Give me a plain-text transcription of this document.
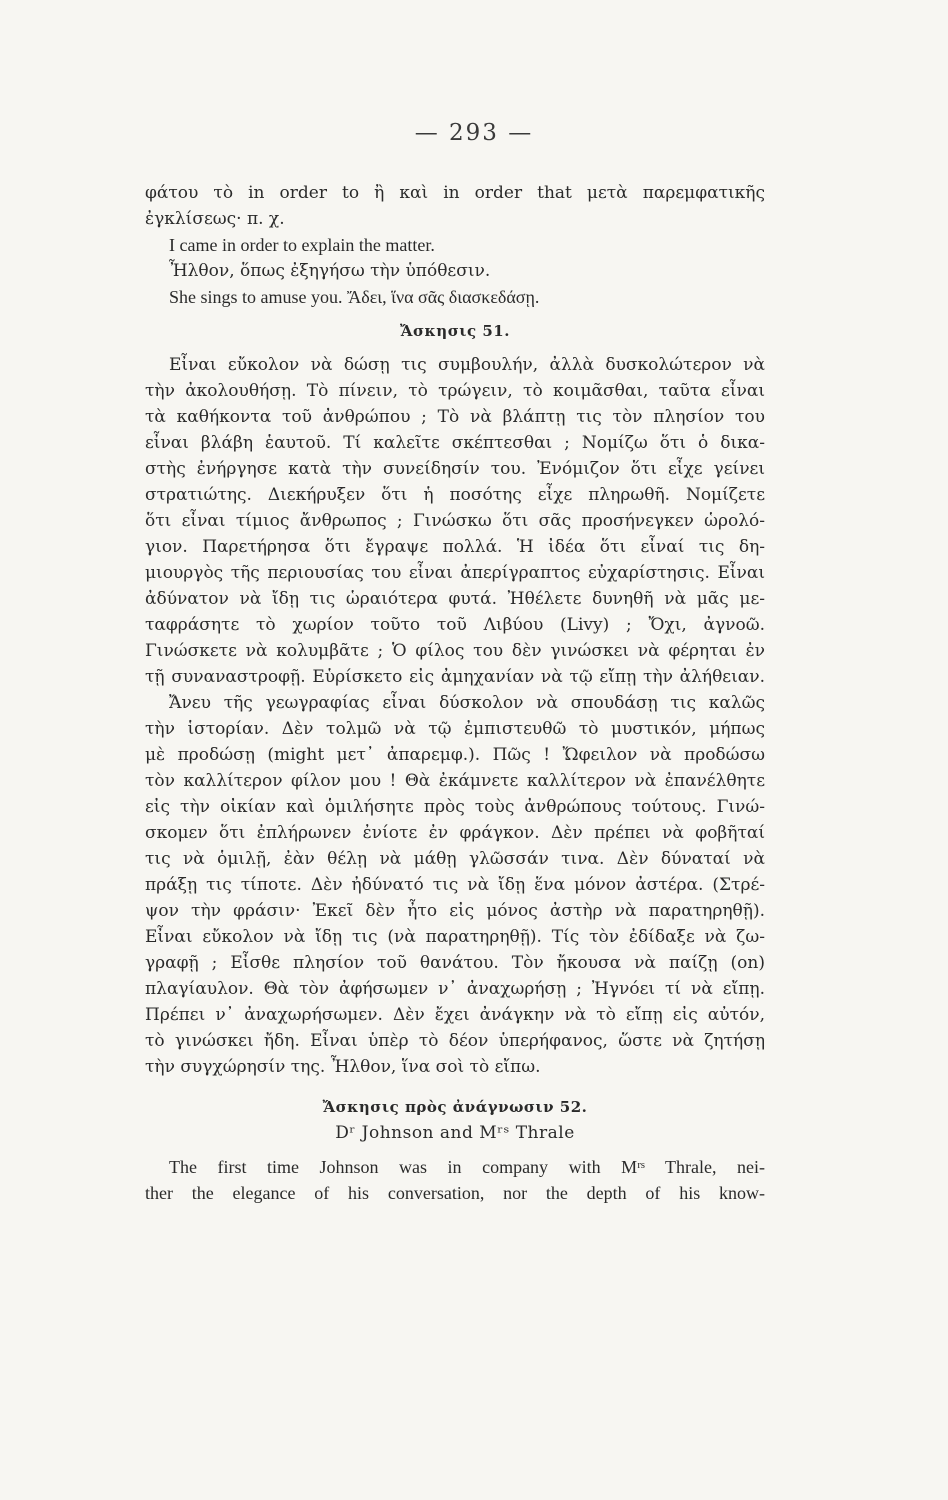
— 293 —
φάτου τὸ in order to ἢ καὶ in order that μετὰ παρεμφατικῆς
ἐγκλίσεως· π. χ.
I came in order to explain the matter.
Ἦλθον, ὅπως ἐξηγήσω τὴν ὑπόθεσιν.
She sings to amuse you. Ἄδει, ἵνα σᾶς διασκεδάσῃ.
Ἄσκησις 51.
Εἶναι εὔκολον νὰ δώσῃ τις συμβουλήν, ἀλλὰ δυσκολώτερον νὰ
τὴν ἀκολουθήσῃ. Τὸ πίνειν, τὸ τρώγειν, τὸ κοιμᾶσθαι, ταῦτα εἶναι
τὰ καθήκοντα τοῦ ἀνθρώπου ; Τὸ νὰ βλάπτῃ τις τὸν πλησίον του
εἶναι βλάβη ἑαυτοῦ. Τί καλεῖτε σκέπτεσθαι ; Νομίζω ὅτι ὁ δικα-
στὴς ἐνήργησε κατὰ τὴν συνείδησίν του. Ἐνόμιζον ὅτι εἶχε γείνει
στρατιώτης. Διεκήρυξεν ὅτι ἡ ποσότης εἶχε πληρωθῆ. Νομίζετε
ὅτι εἶναι τίμιος ἄνθρωπος ; Γινώσκω ὅτι σᾶς προσήνεγκεν ὡρολό-
γιον. Παρετήρησα ὅτι ἔγραψε πολλά. Ἡ ἰδέα ὅτι εἶναί τις δη-
μιουργὸς τῆς περιουσίας του εἶναι ἀπερίγραπτος εὐχαρίστησις. Εἶναι
ἀδύνατον νὰ ἴδῃ τις ὡραιότερα φυτά. Ἠθέλετε δυνηθῆ νὰ μᾶς με-
ταφράσητε τὸ χωρίον τοῦτο τοῦ Λιβύου (Livy) ; Ὄχι, ἀγνοῶ.
Γινώσκετε νὰ κολυμβᾶτε ; Ὁ φίλος του δὲν γινώσκει νὰ φέρηται ἐν
τῇ συναναστροφῇ. Εὑρίσκετο εἰς ἀμηχανίαν νὰ τῷ εἴπῃ τὴν ἀλήθειαν.
Ἄνευ τῆς γεωγραφίας εἶναι δύσκολον νὰ σπουδάσῃ τις καλῶς
τὴν ἱστορίαν. Δὲν τολμῶ νὰ τῷ ἐμπιστευθῶ τὸ μυστικόν, μήπως
μὲ προδώσῃ (might μετ᾽ ἀπαρεμφ.). Πῶς ! Ὤφειλον νὰ προδώσω
τὸν καλλίτερον φίλον μου ! Θὰ ἐκάμνετε καλλίτερον νὰ ἐπανέλθητε
εἰς τὴν οἰκίαν καὶ ὁμιλήσητε πρὸς τοὺς ἀνθρώπους τούτους. Γινώ-
σκομεν ὅτι ἐπλήρωνεν ἐνίοτε ἐν φράγκον. Δὲν πρέπει νὰ φοβῆταί
τις νὰ ὁμιλῇ, ἐὰν θέλῃ νὰ μάθῃ γλῶσσάν τινα. Δὲν δύναταί νὰ
πράξῃ τις τίποτε. Δὲν ἠδύνατό τις νὰ ἴδῃ ἕνα μόνον ἀστέρα. (Στρέ-
ψον τὴν φράσιν· Ἐκεῖ δὲν ἦτο εἰς μόνος ἀστὴρ νὰ παρατηρηθῇ).
Εἶναι εὔκολον νὰ ἴδῃ τις (νὰ παρατηρηθῇ). Τίς τὸν ἐδίδαξε νὰ ζω-
γραφῇ ; Εἶσθε πλησίον τοῦ θανάτου. Τὸν ἤκουσα νὰ παίζῃ (on)
πλαγίαυλον. Θὰ τὸν ἀφήσωμεν ν᾽ ἀναχωρήσῃ ; Ἠγνόει τί νὰ εἴπῃ.
Πρέπει ν᾽ ἀναχωρήσωμεν. Δὲν ἔχει ἀνάγκην νὰ τὸ εἴπῃ εἰς αὐτόν,
τὸ γινώσκει ἤδη. Εἶναι ὑπὲρ τὸ δέον ὑπερήφανος, ὥστε νὰ ζητήσῃ
τὴν συγχώρησίν της. Ἦλθον, ἵνα σοὶ τὸ εἴπω.
Ἄσκησις πρὸς ἀνάγνωσιν 52.
Dʳ Johnson and Mʳˢ Thrale
The first time Johnson was in company with Mʳˢ Thrale, nei-
ther the elegance of his conversation, nor the depth of his know-
